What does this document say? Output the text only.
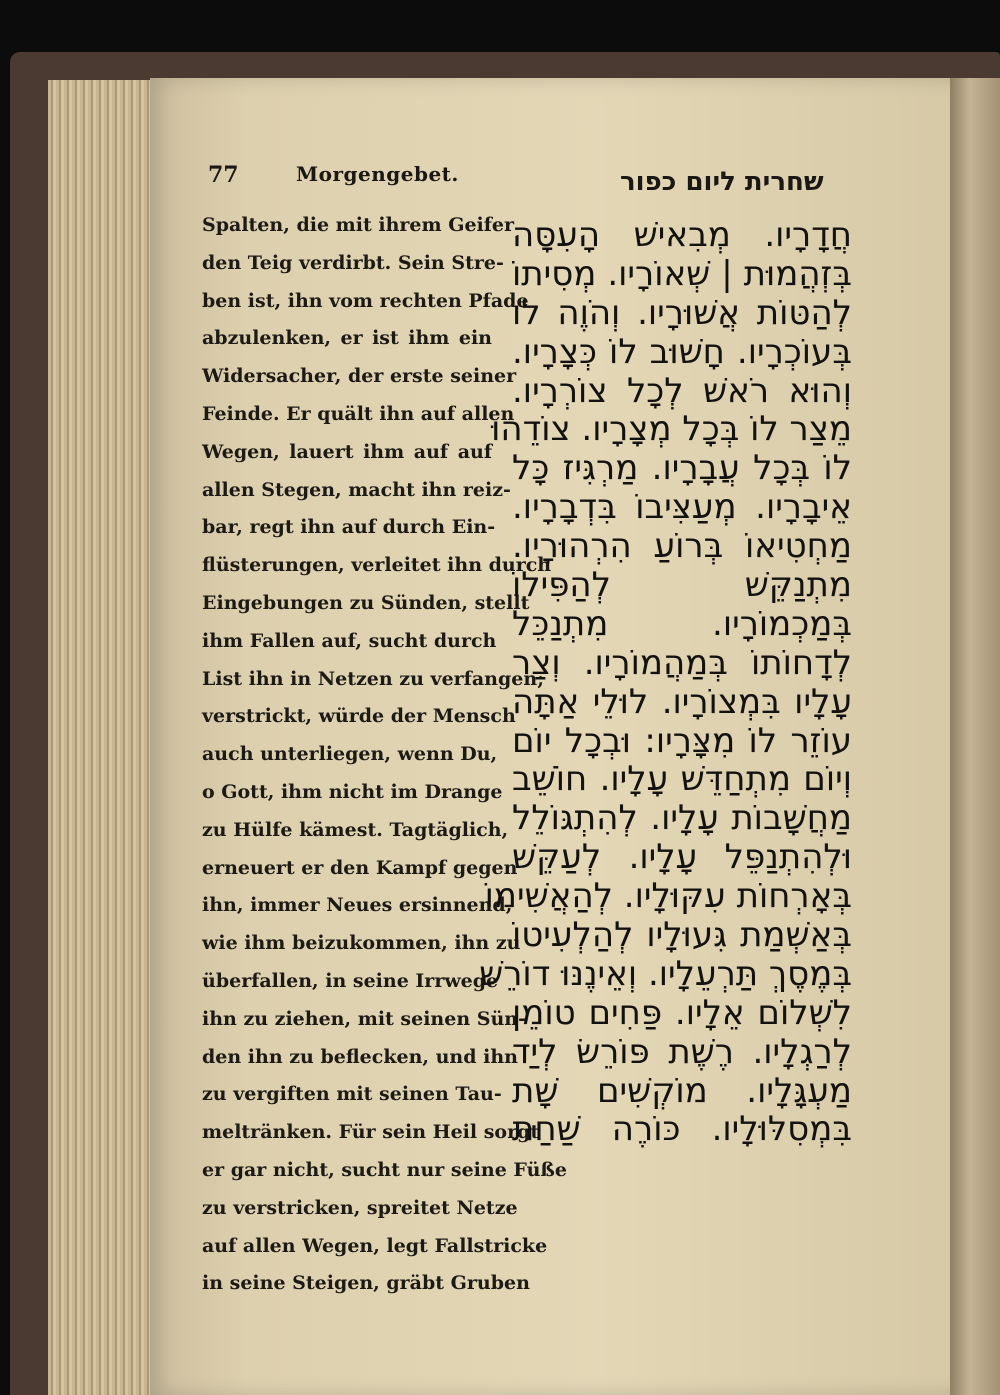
77	Morgengebet.	שחרית ליום כפור
Spalten, die mit ihrem Geifer
den Teig verdirbt. Sein Stre-
ben ist, ihn vom rechten Pfade
abzulenken, er ist ihm ein
Widersacher, der erste seiner
Feinde. Er quält ihn auf allen
Wegen, lauert ihm auf auf
allen Stegen, macht ihn reiz-
bar, regt ihn auf durch Ein-
flüsterungen, verleitet ihn durch
Eingebungen zu Sünden, stellt
ihm Fallen auf, sucht durch
List ihn in Netzen zu verfangen;
verstrickt, würde der Mensch
auch unterliegen, wenn Du,
o Gott, ihm nicht im Drange
zu Hülfe kämest. Tagtäglich,
erneuert er den Kampf gegen
ihn, immer Neues ersinnend,
wie ihm beizukommen, ihn zu
überfallen, in seine Irrwege
ihn zu ziehen, mit seinen Sün-
den ihn zu beflecken, und ihn
zu vergiften mit seinen Tau-
meltränken. Für sein Heil sorgt
er gar nicht, sucht nur seine Füße
zu verstricken, spreitet Netze
auf allen Wegen, legt Fallstricke
in seine Steigen, gräbt Gruben
חֲדָרָיו. מְבִאישׁ הָעִסָּה
בְּזְהֲמוּת | שְׁאוֹרָיו. מְסִיתוֹ
לְהַטּוֹת אֲשׁוּרָיו. וְהֹוֶה לוֹ
בְּעוֹכְרָיו. חָשׁוּב לוֹ כְּצָרָיו.
וְהוּא רֹאשׁ לְכָל צוֹרְרָיו.
מֵצַר לוֹ בְּכָל מְצָרָיו. צוֹדֵהוּ
לוֹ בְּכָל עֲבָרָיו. מַרְגִּיז כָּל
אֵיבָרָיו. מְעַצִּיבוֹ בִּדְבָרָיו.
מַחְטִיאוֹ בְּרוֹעַ הִרְהוּרָיו.
מִתְנַקֵּשׁ לְהַפִּילוֹ
בְּמַכְמוֹרָיו. מִתְנַכֵּל
לְדָחוֹתוֹ בְּמַהֲמוֹרָיו. וְצַר
עָלָיו בִּמְצוֹרָיו. לוּלֵי אַתָּה
עוֹזֵר לוֹ מִצָּרָיו: וּבְכָל יוֹם
וְיוֹם מִתְחַדֵּשׁ עָלָיו. חוֹשֵׁב
מַחֲשָׁבוֹת עָלָיו. לְהִתְגּוֹלֵל
וּלְהִתְנַפֵּל עָלָיו. לְעַקֵּשׁ
בְּאָרְחוֹת עִקּוּלָיו. לְהַאֲשִׁימוֹ
בְּאַשְׁמַת גִּעוּלָיו לְהַלְעִיטוֹ
בְּמֶסֶךְ תַּרְעֵלָיו. וְאֵינֶנּוּ דוֹרֵשׁ
לִשְׁלוֹם אֵלָיו. פַּחִים טוֹמֵן
לְרַגְלָיו. רֶשֶׁת פּוֹרֵשׂ לְיַד
מַעְגָּלָיו. מוֹקְשִׁים שָׁת
בִּמְסִלּוּלָיו. כּוֹרֶה שַׁחַת
